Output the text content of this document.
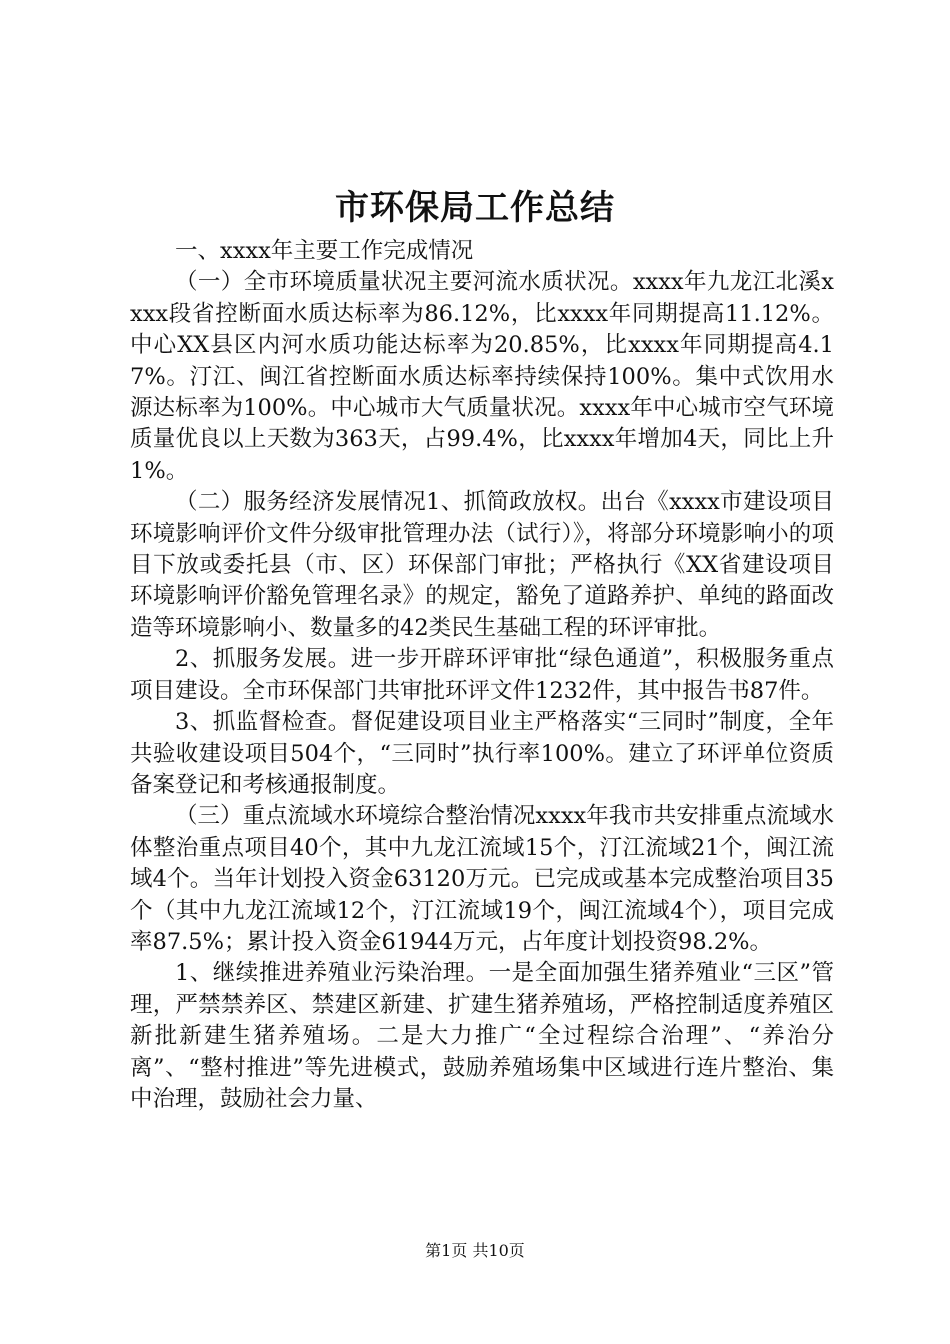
市环保局工作总结

一、xxxx年主要工作完成情况

（一）全市环境质量状况主要河流水质状况。xxxx年九龙江北溪xxxx段省控断面水质达标率为86.12%，比xxxx年同期提高11.12%。中心XX县区内河水质功能达标率为20.85%，比xxxx年同期提高4.17%。汀江、闽江省控断面水质达标率持续保持100%。集中式饮用水源达标率为100%。中心城市大气质量状况。xxxx年中心城市空气环境质量优良以上天数为363天，占99.4%，比xxxx年增加4天，同比上升1%。

（二）服务经济发展情况1、抓简政放权。出台《xxxx市建设项目环境影响评价文件分级审批管理办法（试行）》，将部分环境影响小的项目下放或委托县（市、区）环保部门审批；严格执行《XX省建设项目环境影响评价豁免管理名录》的规定，豁免了道路养护、单纯的路面改造等环境影响小、数量多的42类民生基础工程的环评审批。

2、抓服务发展。进一步开辟环评审批“绿色通道”，积极服务重点项目建设。全市环保部门共审批环评文件1232件，其中报告书87件。

3、抓监督检查。督促建设项目业主严格落实“三同时”制度，全年共验收建设项目504个，“三同时”执行率100%。建立了环评单位资质备案登记和考核通报制度。

（三）重点流域水环境综合整治情况xxxx年我市共安排重点流域水体整治重点项目40个，其中九龙江流域15个，汀江流域21个，闽江流域4个。当年计划投入资金63120万元。已完成或基本完成整治项目35个（其中九龙江流域12个，汀江流域19个，闽江流域4个），项目完成率87.5%；累计投入资金61944万元，占年度计划投资98.2%。

1、继续推进养殖业污染治理。一是全面加强生猪养殖业“三区”管理，严禁禁养区、禁建区新建、扩建生猪养殖场，严格控制适度养殖区新批新建生猪养殖场。二是大力推广“全过程综合治理”、“养治分离”、“整村推进”等先进模式，鼓励养殖场集中区域进行连片整治、集中治理，鼓励社会力量、

第1页 共10页
